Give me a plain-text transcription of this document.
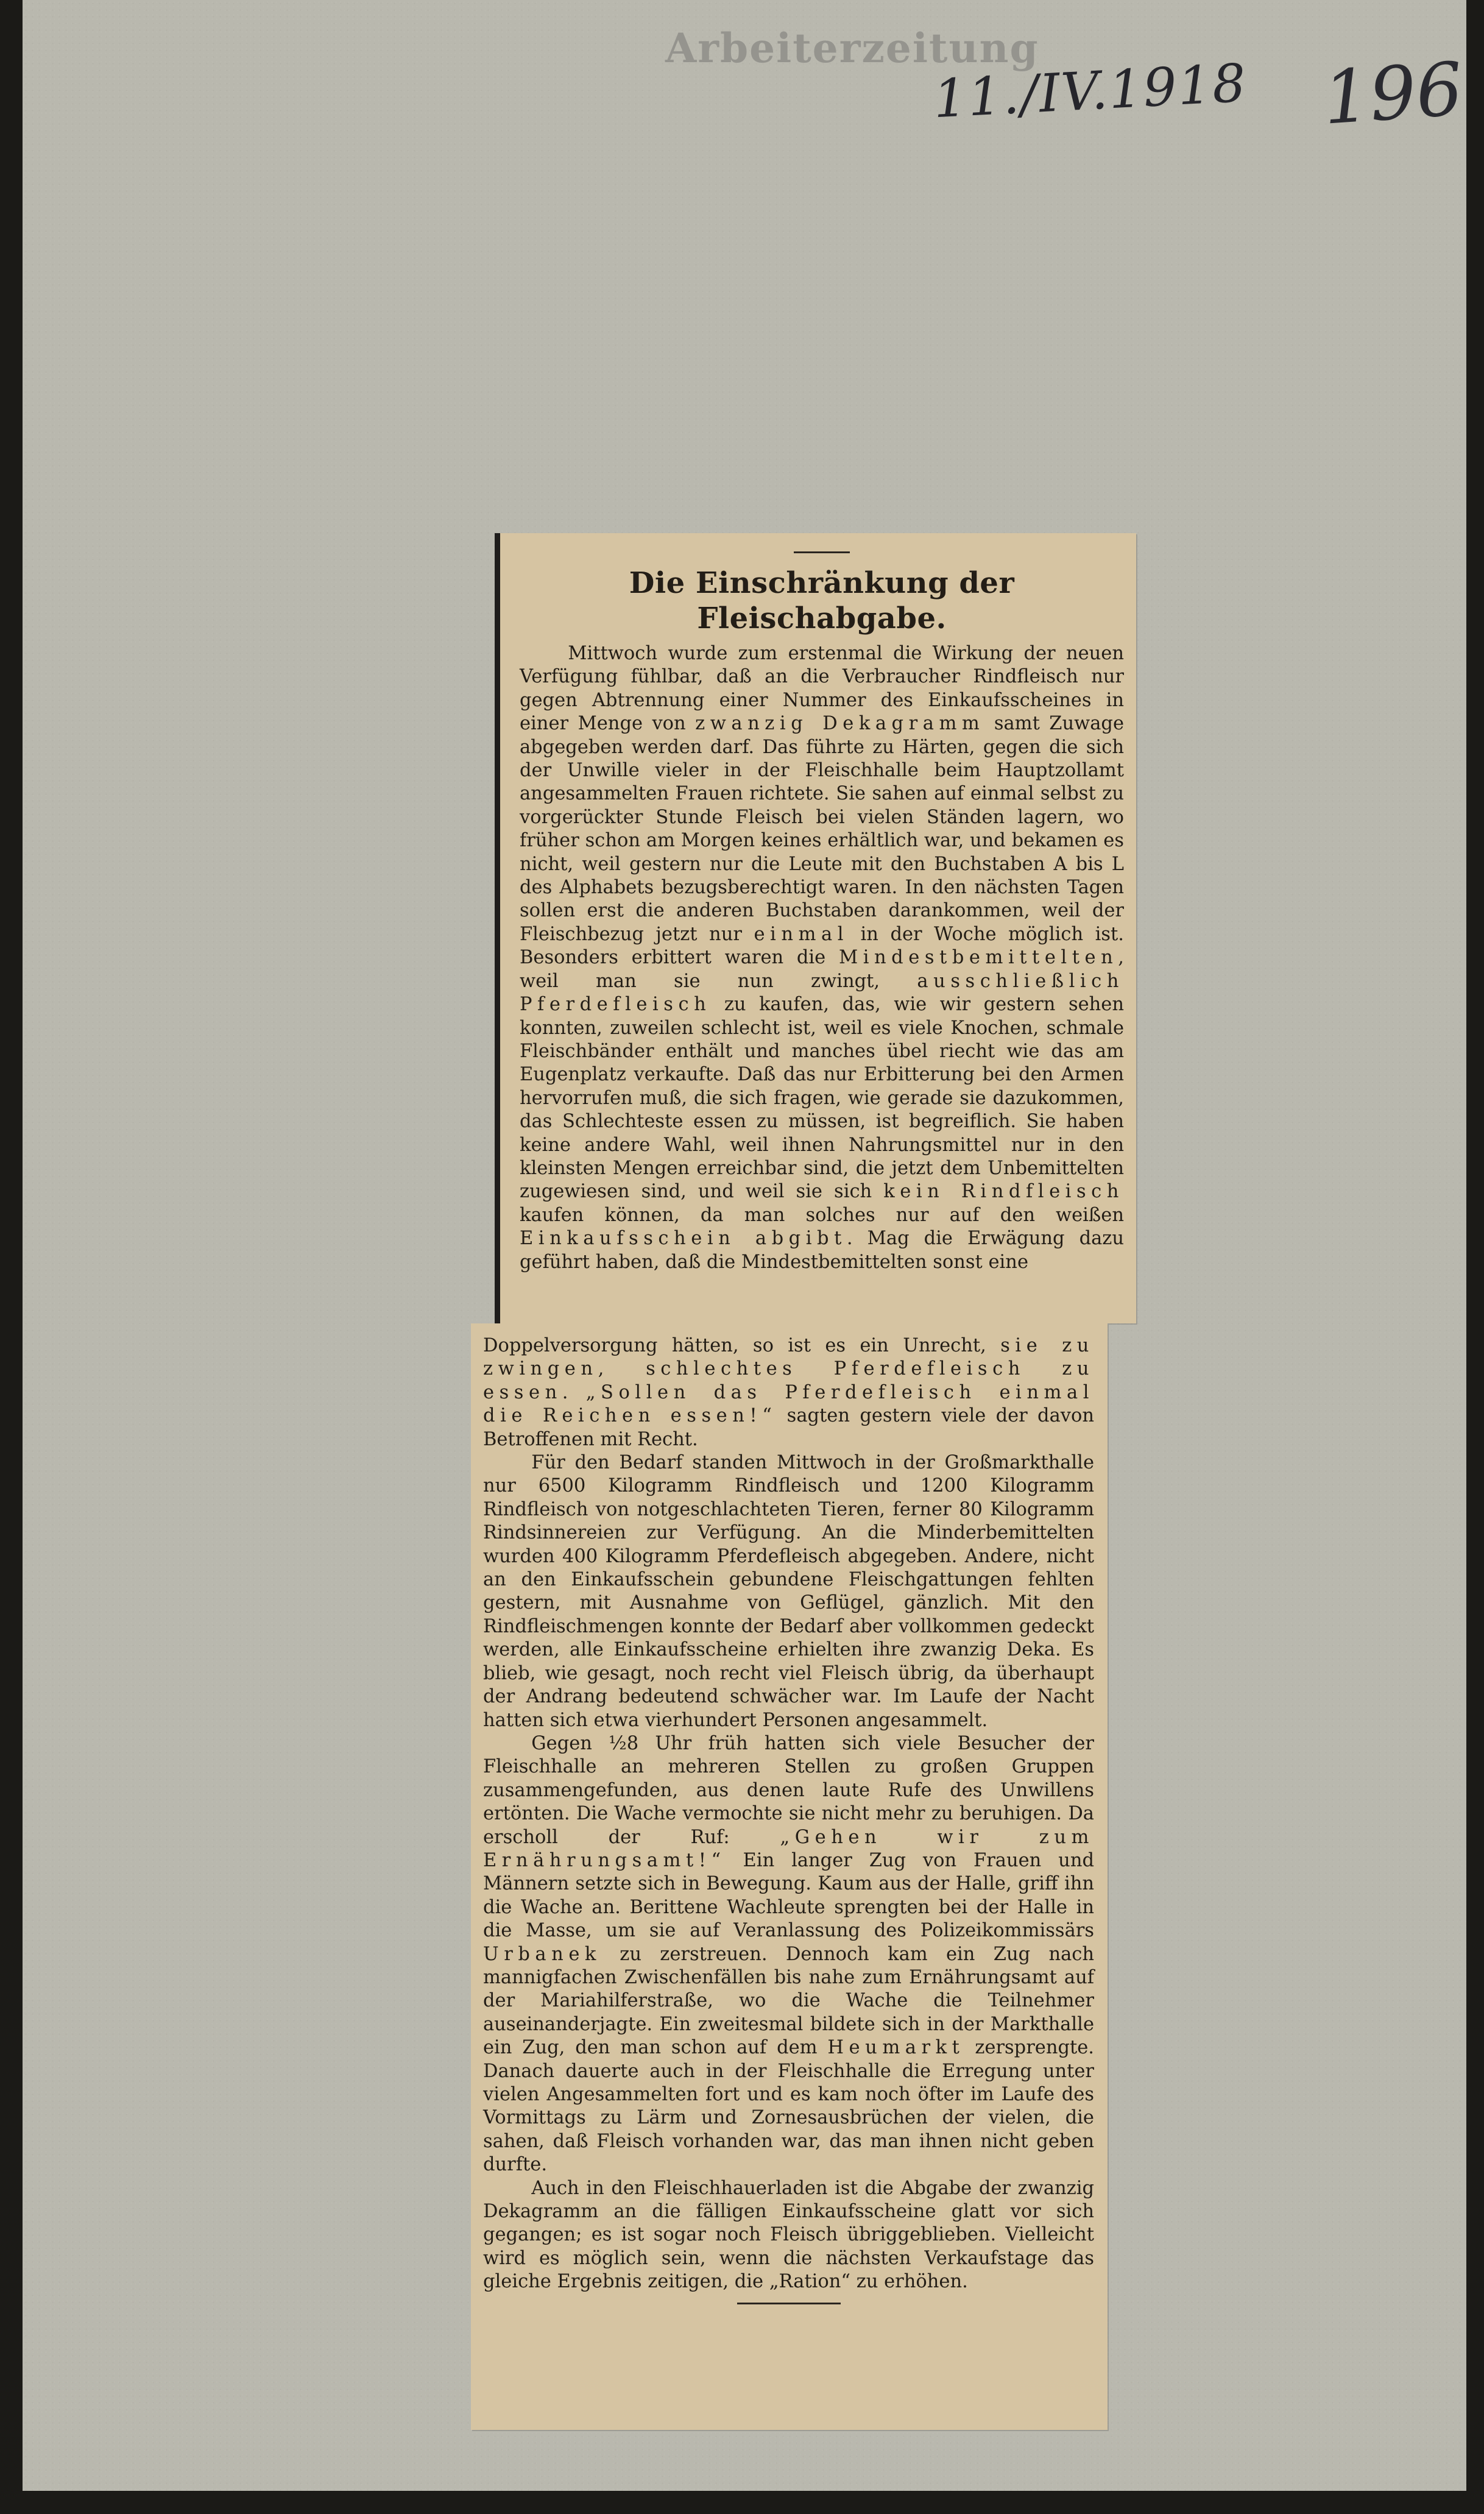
Arbeiterzeitung
11./IV.1918 196
Die Einschränkung der Fleischabgabe.

Mittwoch wurde zum erstenmal die Wirkung der neuen Verfügung fühlbar, daß an die Verbraucher Rindfleisch nur gegen Abtrennung einer Nummer des Einkaufsscheines in einer Menge von zwanzig Dekagramm samt Zuwage abgegeben werden darf. Das führte zu Härten, gegen die sich der Unwille vieler in der Fleischhalle beim Hauptzollamt angesammelten Frauen richtete. Sie sahen auf einmal selbst zu vorgerückter Stunde Fleisch bei vielen Ständen lagern, wo früher schon am Morgen keines erhältlich war, und bekamen es nicht, weil gestern nur die Leute mit den Buchstaben A bis L des Alphabets bezugsberechtigt waren. In den nächsten Tagen sollen erst die anderen Buchstaben darankommen, weil der Fleischbezug jetzt nur einmal in der Woche möglich ist. Besonders erbittert waren die Mindestbemittelten, weil man sie nun zwingt, ausschließlich Pferdefleisch zu kaufen, das, wie wir gestern sehen konnten, zuweilen schlecht ist, weil es viele Knochen, schmale Fleischbänder enthält und manches übel riecht wie das am Eugenplatz verkaufte. Daß das nur Erbitterung bei den Armen hervorrufen muß, die sich fragen, wie gerade sie dazukommen, das Schlechteste essen zu müssen, ist begreiflich. Sie haben keine andere Wahl, weil ihnen Nahrungsmittel nur in den kleinsten Mengen erreichbar sind, die jetzt dem Unbemittelten zugewiesen sind, und weil sie sich kein Rindfleisch kaufen können, da man solches nur auf den weißen Einkaufsschein abgibt. Mag die Erwägung dazu geführt haben, daß die Mindestbemittelten sonst eine

Doppelversorgung hätten, so ist es ein Unrecht, sie zu zwingen, schlechtes Pferdefleisch zu essen. „Sollen das Pferdefleisch einmal die Reichen essen!“ sagten gestern viele der davon Betroffenen mit Recht.

Für den Bedarf standen Mittwoch in der Großmarkthalle nur 6500 Kilogramm Rindfleisch und 1200 Kilogramm Rindfleisch von notgeschlachteten Tieren, ferner 80 Kilogramm Rindsinnereien zur Verfügung. An die Minderbemittelten wurden 400 Kilogramm Pferdefleisch abgegeben. Andere, nicht an den Einkaufsschein gebundene Fleischgattungen fehlten gestern, mit Ausnahme von Geflügel, gänzlich. Mit den Rindfleischmengen konnte der Bedarf aber vollkommen gedeckt werden, alle Einkaufsscheine erhielten ihre zwanzig Deka. Es blieb, wie gesagt, noch recht viel Fleisch übrig, da überhaupt der Andrang bedeutend schwächer war. Im Laufe der Nacht hatten sich etwa vierhundert Personen angesammelt.

Gegen ½8 Uhr früh hatten sich viele Besucher der Fleischhalle an mehreren Stellen zu großen Gruppen zusammengefunden, aus denen laute Rufe des Unwillens ertönten. Die Wache vermochte sie nicht mehr zu beruhigen. Da erscholl der Ruf: „Gehen wir zum Ernährungsamt!“ Ein langer Zug von Frauen und Männern setzte sich in Bewegung. Kaum aus der Halle, griff ihn die Wache an. Berittene Wachleute sprengten bei der Halle in die Masse, um sie auf Veranlassung des Polizeikommissärs Urbanek zu zerstreuen. Dennoch kam ein Zug nach mannigfachen Zwischenfällen bis nahe zum Ernährungsamt auf der Mariahilferstraße, wo die Wache die Teilnehmer auseinanderjagte. Ein zweitesmal bildete sich in der Markthalle ein Zug, den man schon auf dem Heumarkt zersprengte. Danach dauerte auch in der Fleischhalle die Erregung unter vielen Angesammelten fort und es kam noch öfter im Laufe des Vormittags zu Lärm und Zornesausbrüchen der vielen, die sahen, daß Fleisch vorhanden war, das man ihnen nicht geben durfte.

Auch in den Fleischhauerladen ist die Abgabe der zwanzig Dekagramm an die fälligen Einkaufsscheine glatt vor sich gegangen; es ist sogar noch Fleisch übriggeblieben. Vielleicht wird es möglich sein, wenn die nächsten Verkaufstage das gleiche Ergebnis zeitigen, die „Ration“ zu erhöhen.
